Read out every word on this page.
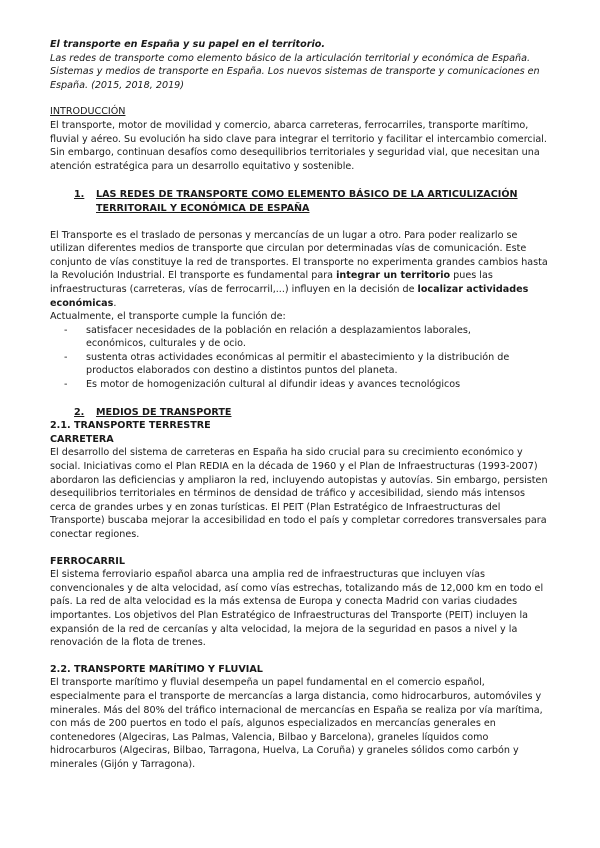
El transporte en España y su papel en el territorio.

Las redes de transporte como elemento básico de la articulación territorial y económica de España. Sistemas y medios de transporte en España. Los nuevos sistemas de transporte y comunicaciones en España. (2015, 2018, 2019)

INTRODUCCIÓN

El transporte, motor de movilidad y comercio, abarca carreteras, ferrocarriles, transporte marítimo, fluvial y aéreo. Su evolución ha sido clave para integrar el territorio y facilitar el intercambio comercial. Sin embargo, continuan desafíos como desequilibrios territoriales y seguridad vial, que necesitan una atención estratégica para un desarrollo equitativo y sostenible.

1.	LAS REDES DE TRANSPORTE COMO ELEMENTO BÁSICO DE LA ARTICULIZACIÓN TERRITORAIL Y ECONÓMICA DE ESPAÑA

El Transporte es el traslado de personas y mercancías de un lugar a otro. Para poder realizarlo se utilizan diferentes medios de transporte que circulan por determinadas vías de comunicación. Este conjunto de vías constituye la red de transportes. El transporte no experimenta grandes cambios hasta la Revolución Industrial. El transporte es fundamental para integrar un territorio pues las infraestructuras (carreteras, vías de ferrocarril,...) influyen en la decisión de localizar actividades económicas.

Actualmente, el transporte cumple la función de:

-	satisfacer necesidades de la población en relación a desplazamientos laborales, económicos, culturales y de ocio.
-	sustenta otras actividades económicas al permitir el abastecimiento y la distribución de productos elaborados con destino a distintos puntos del planeta.
-	Es motor de homogenización cultural al difundir ideas y avances tecnológicos
2.	MEDIOS DE TRANSPORTE

2.1. TRANSPORTE TERRESTRE

CARRETERA

El desarrollo del sistema de carreteras en España ha sido crucial para su crecimiento económico y social. Iniciativas como el Plan REDIA en la década de 1960 y el Plan de Infraestructuras (1993-2007) abordaron las deficiencias y ampliaron la red, incluyendo autopistas y autovías. Sin embargo, persisten desequilibrios territoriales en términos de densidad de tráfico y accesibilidad, siendo más intensos cerca de grandes urbes y en zonas turísticas. El PEIT (Plan Estratégico de Infraestructuras del Transporte) buscaba mejorar la accesibilidad en todo el país y completar corredores transversales para conectar regiones.

FERROCARRIL

El sistema ferroviario español abarca una amplia red de infraestructuras que incluyen vías convencionales y de alta velocidad, así como vías estrechas, totalizando más de 12,000 km en todo el país. La red de alta velocidad es la más extensa de Europa y conecta Madrid con varias ciudades importantes. Los objetivos del Plan Estratégico de Infraestructuras del Transporte (PEIT) incluyen la expansión de la red de cercanías y alta velocidad, la mejora de la seguridad en pasos a nivel y la renovación de la flota de trenes.

2.2. TRANSPORTE MARÍTIMO Y FLUVIAL

El transporte marítimo y fluvial desempeña un papel fundamental en el comercio español, especialmente para el transporte de mercancías a larga distancia, como hidrocarburos, automóviles y minerales. Más del 80% del tráfico internacional de mercancías en España se realiza por vía marítima, con más de 200 puertos en todo el país, algunos especializados en mercancías generales en contenedores (Algeciras, Las Palmas, Valencia, Bilbao y Barcelona), graneles líquidos como hidrocarburos (Algeciras, Bilbao, Tarragona, Huelva, La Coruña) y graneles sólidos como carbón y minerales (Gijón y Tarragona).
